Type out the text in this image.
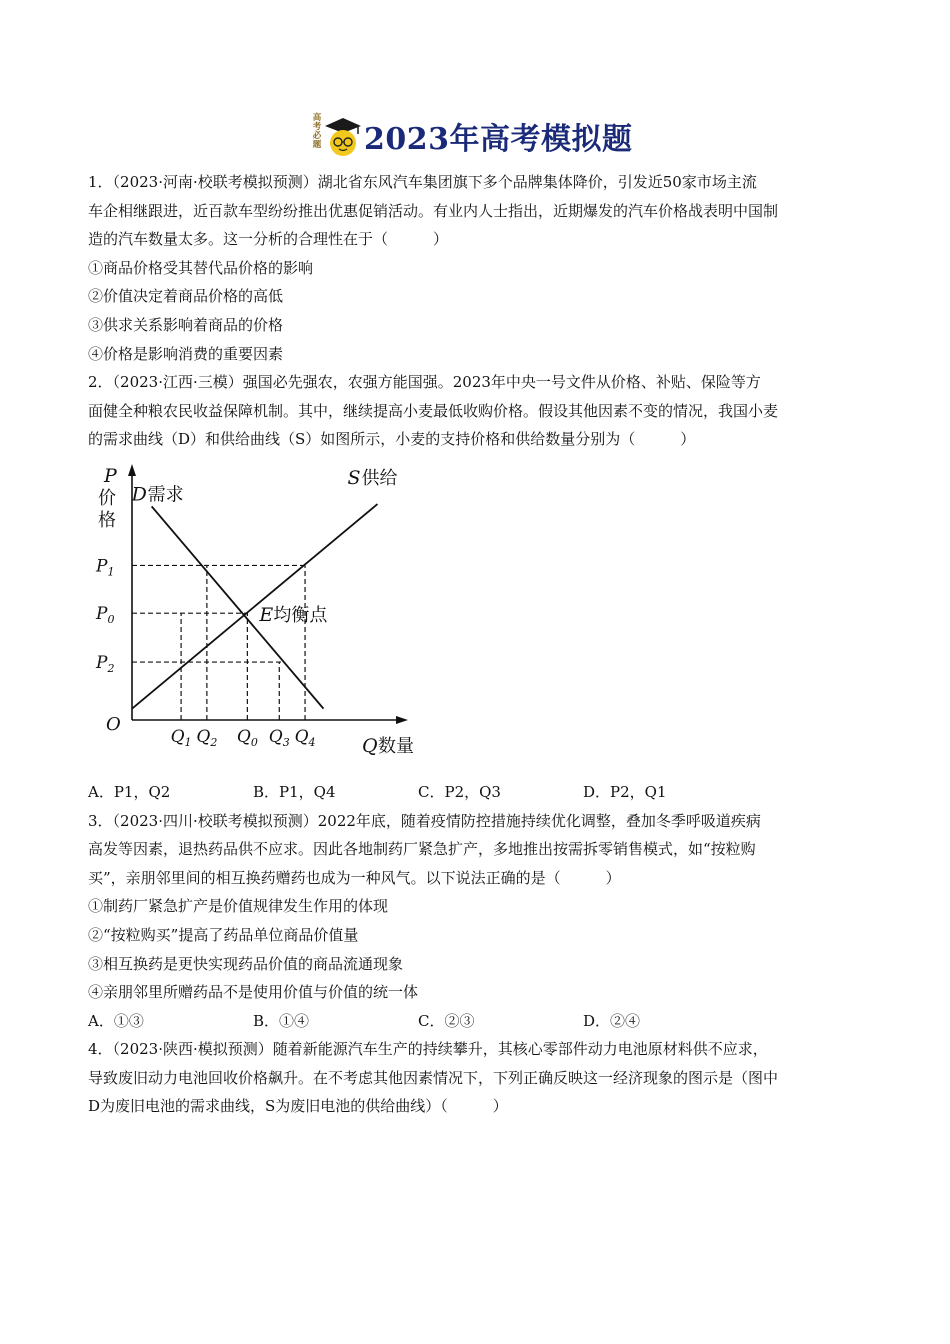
高考必题 2023年高考模拟题

1．（2023·河南·校联考模拟预测）湖北省东风汽车集团旗下多个品牌集体降价，引发近50家市场主流

车企相继跟进，近百款车型纷纷推出优惠促销活动。有业内人士指出，近期爆发的汽车价格战表明中国制

造的汽车数量太多。这一分析的合理性在于（　　　）

①商品价格受其替代品价格的影响

②价值决定着商品价格的高低

③供求关系影响着商品的价格

④价格是影响消费的重要因素

2．（2023·江西·三模）强国必先强农，农强方能国强。2023年中央一号文件从价格、补贴、保险等方

面健全种粮农民收益保障机制。其中，继续提高小麦最低收购价格。假设其他因素不变的情况，我国小麦

的需求曲线（D）和供给曲线（S）如图所示，小麦的支持价格和供给数量分别为（　　　）

O
P
价
格
Q 数量
D 需求
S 供给
$P_1$
$P_0$
$P_2$
$Q_1$ $Q_2$ $Q_0$ $Q_3$ $Q_4$
E 均衡点
A．P1，Q2	B．P1，Q4	C．P2，Q3	D．P2，Q1

3．（2023·四川·校联考模拟预测）2022年底，随着疫情防控措施持续优化调整，叠加冬季呼吸道疾病

高发等因素，退热药品供不应求。因此各地制药厂紧急扩产，多地推出按需拆零销售模式，如“按粒购

买”，亲朋邻里间的相互换药赠药也成为一种风气。以下说法正确的是（　　　）

①制药厂紧急扩产是价值规律发生作用的体现

②“按粒购买”提高了药品单位商品价值量

③相互换药是更快实现药品价值的商品流通现象

④亲朋邻里所赠药品不是使用价值与价值的统一体

A．①③	B．①④	C．②③	D．②④

4．（2023·陕西·模拟预测）随着新能源汽车生产的持续攀升，其核心零部件动力电池原材料供不应求，

导致废旧动力电池回收价格飙升。在不考虑其他因素情况下，下列正确反映这一经济现象的图示是（图中

D为废旧电池的需求曲线，S为废旧电池的供给曲线）（　　　）
